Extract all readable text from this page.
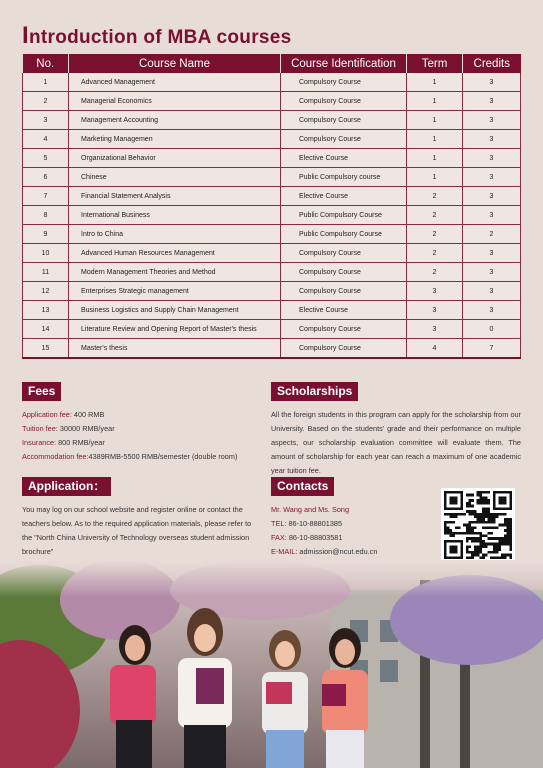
Introduction of MBA courses
No.	Course Name	Course Identification	Term	Credits
1	Advanced Management	Compulsory Course	1	3
2	Managerial Economics	Compulsory Course	1	3
3	Management Accounting	Compulsory Course	1	3
4	Marketing Managemen	Compulsory Course	1	3
5	Organizational Behavior	Elective Course	1	3
6	Chinese	Public Compulsory course	1	3
7	Financial Statement Analysis	Elective Course	2	3
8	International Business	Public Compulsory Course	2	3
9	Intro to China	Public Compulsory Course	2	2
10	Advanced Human Resources Management	Compulsory Course	2	3
11	Modern Management Theories and Method	Compulsory Course	2	3
12	Enterprises Strategic management	Compulsory Course	3	3
13	Business Logistics and Supply Chain Management	Elective Course	3	3
14	Literature Review and Opening Report of Master's thesis	Compulsory Course	3	0
15	Master's thesis	Compulsory Course	4	7
Fees
Application fee: 400 RMB
Tuition fee: 30000 RMB/year
Insurance: 800 RMB/year
Accommodation fee:4389RMB-5500 RMB/semester (double room)
Scholarships
All the foreign students in this program can apply for the scholarship from our University. Based on the students' grade and their performance on multiple aspects, our scholarship evaluation committee will evaluate them. The amount of scholarship for each year can reach a maximum of one academic year tuition fee.
Application：
You may log on our school website and register online or contact the teachers below. As to the required application materials, please refer to the "North China University of Technology overseas student admission brochure"
Contacts
Mr. Wang and Ms. Song
TEL: 86-10-88801385
FAX: 86-10-88803581
E-MAIL: admission@ncut.edu.cn
